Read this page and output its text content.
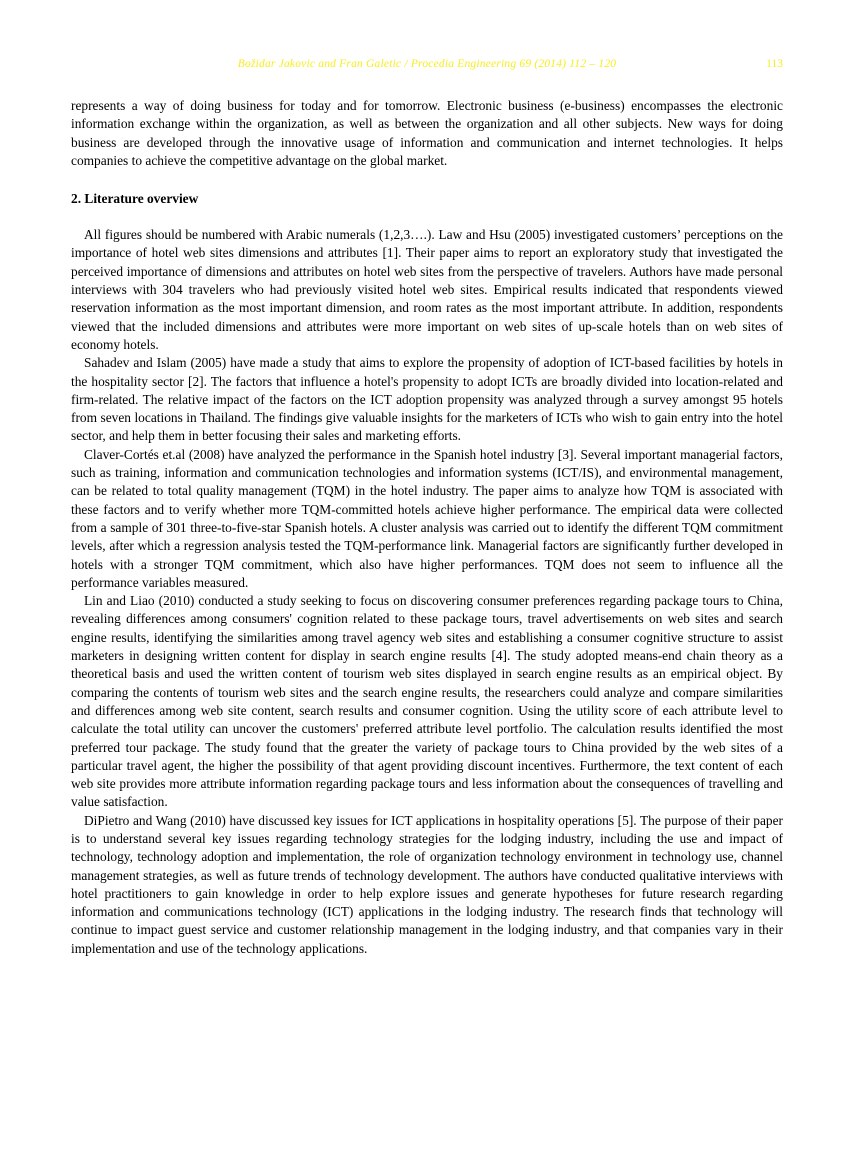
Božidar Jakovic and Fran Galetic / Procedia Engineering 69 (2014) 112 – 120	113

represents a way of doing business for today and for tomorrow. Electronic business (e-business) encompasses the electronic information exchange within the organization, as well as between the organization and all other subjects. New ways for doing business are developed through the innovative usage of information and communication and internet technologies. It helps companies to achieve the competitive advantage on the global market.

2. Literature overview

All figures should be numbered with Arabic numerals (1,2,3….). Law and Hsu (2005) investigated customers’ perceptions on the importance of hotel web sites dimensions and attributes [1]. Their paper aims to report an exploratory study that investigated the perceived importance of dimensions and attributes on hotel web sites from the perspective of travelers. Authors have made personal interviews with 304 travelers who had previously visited hotel web sites. Empirical results indicated that respondents viewed reservation information as the most important dimension, and room rates as the most important attribute. In addition, respondents viewed that the included dimensions and attributes were more important on web sites of up-scale hotels than on web sites of economy hotels.

Sahadev and Islam (2005) have made a study that aims to explore the propensity of adoption of ICT-based facilities by hotels in the hospitality sector [2]. The factors that influence a hotel's propensity to adopt ICTs are broadly divided into location-related and firm-related. The relative impact of the factors on the ICT adoption propensity was analyzed through a survey amongst 95 hotels from seven locations in Thailand. The findings give valuable insights for the marketers of ICTs who wish to gain entry into the hotel sector, and help them in better focusing their sales and marketing efforts.

Claver-Cortés et.al (2008) have analyzed the performance in the Spanish hotel industry [3]. Several important managerial factors, such as training, information and communication technologies and information systems (ICT/IS), and environmental management, can be related to total quality management (TQM) in the hotel industry. The paper aims to analyze how TQM is associated with these factors and to verify whether more TQM-committed hotels achieve higher performance. The empirical data were collected from a sample of 301 three-to-five-star Spanish hotels. A cluster analysis was carried out to identify the different TQM commitment levels, after which a regression analysis tested the TQM-performance link. Managerial factors are significantly further developed in hotels with a stronger TQM commitment, which also have higher performances. TQM does not seem to influence all the performance variables measured.

Lin and Liao (2010) conducted a study seeking to focus on discovering consumer preferences regarding package tours to China, revealing differences among consumers' cognition related to these package tours, travel advertisements on web sites and search engine results, identifying the similarities among travel agency web sites and establishing a consumer cognitive structure to assist marketers in designing written content for display in search engine results [4]. The study adopted means-end chain theory as a theoretical basis and used the written content of tourism web sites displayed in search engine results as an empirical object. By comparing the contents of tourism web sites and the search engine results, the researchers could analyze and compare similarities and differences among web site content, search results and consumer cognition. Using the utility score of each attribute level to calculate the total utility can uncover the customers' preferred attribute level portfolio. The calculation results identified the most preferred tour package. The study found that the greater the variety of package tours to China provided by the web sites of a particular travel agent, the higher the possibility of that agent providing discount incentives. Furthermore, the text content of each web site provides more attribute information regarding package tours and less information about the consequences of travelling and value satisfaction.

DiPietro and Wang (2010) have discussed key issues for ICT applications in hospitality operations [5]. The purpose of their paper is to understand several key issues regarding technology strategies for the lodging industry, including the use and impact of technology, technology adoption and implementation, the role of organization technology environment in technology use, channel management strategies, as well as future trends of technology development. The authors have conducted qualitative interviews with hotel practitioners to gain knowledge in order to help explore issues and generate hypotheses for future research regarding information and communications technology (ICT) applications in the lodging industry. The research finds that technology will continue to impact guest service and customer relationship management in the lodging industry, and that companies vary in their implementation and use of the technology applications.
